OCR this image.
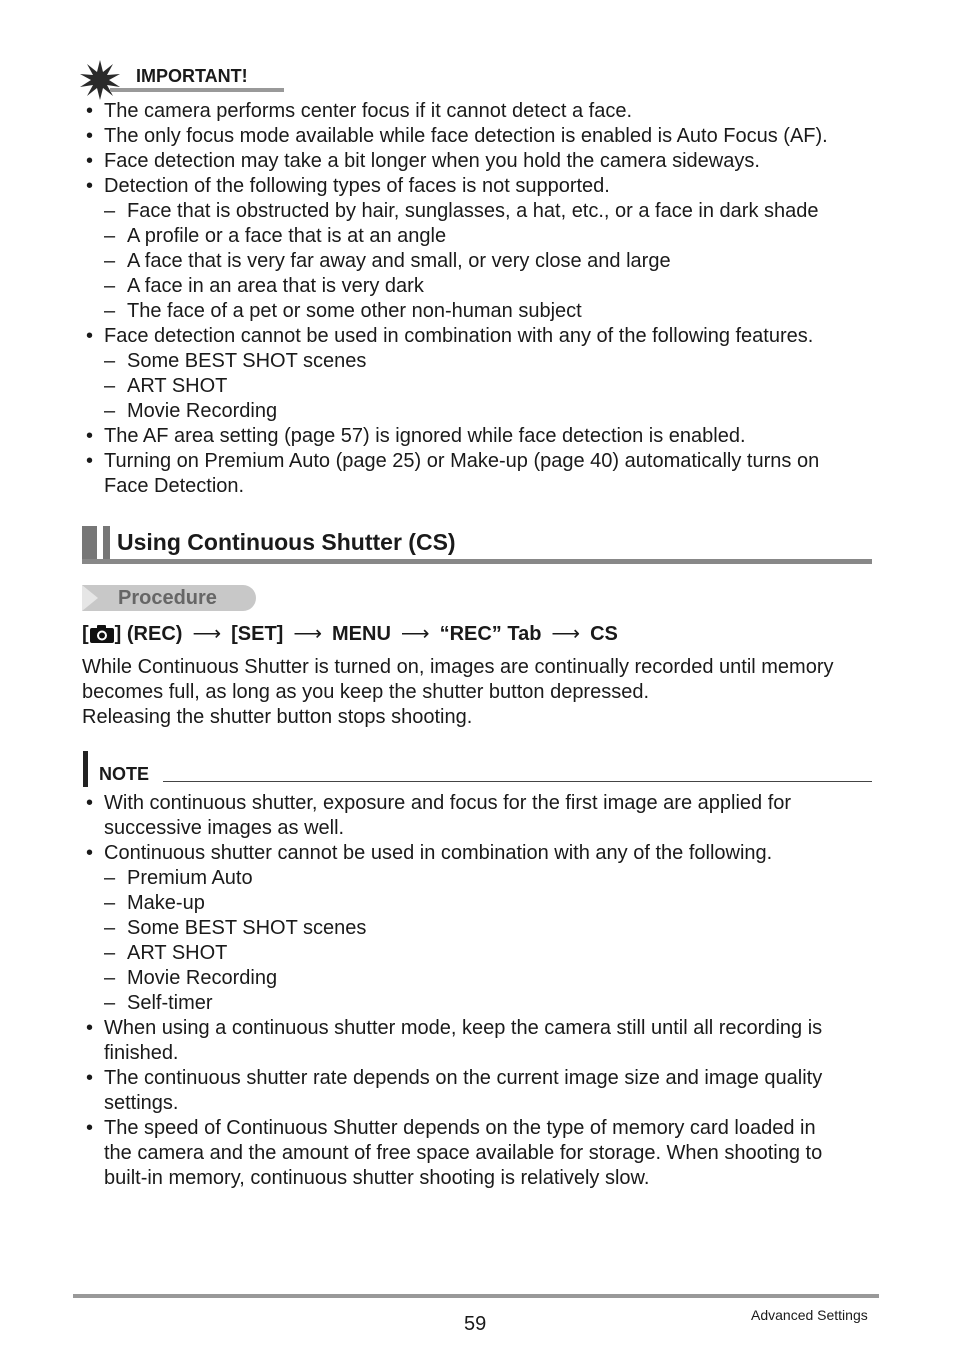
IMPORTANT!
• The camera performs center focus if it cannot detect a face.
• The only focus mode available while face detection is enabled is Auto Focus (AF).
• Face detection may take a bit longer when you hold the camera sideways.
• Detection of the following types of faces is not supported.
– Face that is obstructed by hair, sunglasses, a hat, etc., or a face in dark shade
– A profile or a face that is at an angle
– A face that is very far away and small, or very close and large
– A face in an area that is very dark
– The face of a pet or some other non-human subject
• Face detection cannot be used in combination with any of the following features.
– Some BEST SHOT scenes
– ART SHOT
– Movie Recording
• The AF area setting (page 57) is ignored while face detection is enabled.
• Turning on Premium Auto (page 25) or Make-up (page 40) automatically turns on
Face Detection.
Using Continuous Shutter (CS)
Procedure
[ ] (REC) ⟶ [SET] ⟶ MENU ⟶ “REC” Tab ⟶ CS
While Continuous Shutter is turned on, images are continually recorded until memory
becomes full, as long as you keep the shutter button depressed.
Releasing the shutter button stops shooting.
NOTE
• With continuous shutter, exposure and focus for the first image are applied for
successive images as well.
• Continuous shutter cannot be used in combination with any of the following.
– Premium Auto
– Make-up
– Some BEST SHOT scenes
– ART SHOT
– Movie Recording
– Self-timer
• When using a continuous shutter mode, keep the camera still until all recording is
finished.
• The continuous shutter rate depends on the current image size and image quality
settings.
• The speed of Continuous Shutter depends on the type of memory card loaded in
the camera and the amount of free space available for storage. When shooting to
built-in memory, continuous shutter shooting is relatively slow.
59	Advanced Settings
